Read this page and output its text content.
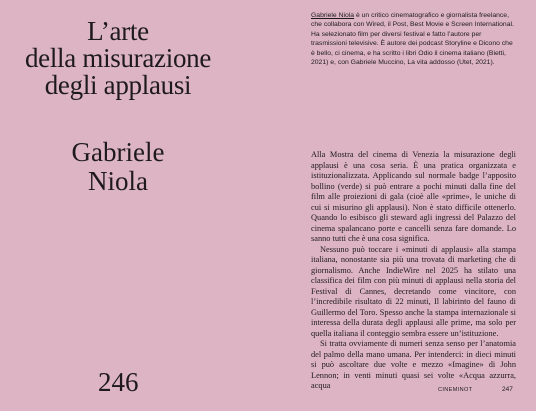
L’arte
della misurazione
degli applausi
Gabriele
Niola
246
Gabriele Niola è un critico cinematografico e giornalista freelance, che collabora con Wired, il Post, Best Movie e Screen International. Ha selezionato film per diversi festival e fatto l’autore per trasmissioni televisive. È autore dei podcast Storyline e Dicono che è bello, ci cinema, e ha scritto i libri Odio il cinema italiano (Bietti, 2021) e, con Gabriele Muccino, La vita addosso (Utet, 2021).

Alla Mostra del cinema di Venezia la misurazione degli applausi è una cosa seria. È una pratica organizzata e istituzionalizzata. Applicando sul normale badge l’apposito bollino (verde) si può entrare a pochi minuti dalla fine del film alle proiezioni di gala (cioè alle «prime», le uniche di cui si misurino gli applausi). Non è stato difficile ottenerlo. Quando lo esibisco gli steward agli ingressi del Palazzo del cinema spalancano porte e cancelli senza fare domande. Lo sanno tutti che è una cosa significa.

Nessuno può toccare i «minuti di applausi» alla stampa italiana, nonostante sia più una trovata di marketing che di giornalismo. Anche IndieWire nel 2025 ha stilato una classifica dei film con più minuti di applausi nella storia del Festival di Cannes, decretando come vincitore, con l’incredibile risultato di 22 minuti, Il labirinto del fauno di Guillermo del Toro. Spesso anche la stampa internazionale si interessa della durata degli applausi alle prime, ma solo per quella italiana il conteggio sembra essere un’istituzione.

Si tratta ovviamente di numeri senza senso per l’anatomia del palmo della mano umana. Per intenderci: in dieci minuti si può ascoltare due volte e mezzo «Imagine» di John Lennon; in venti minuti quasi sei volte «Acqua azzurra, acqua	CINEMINOT	247
